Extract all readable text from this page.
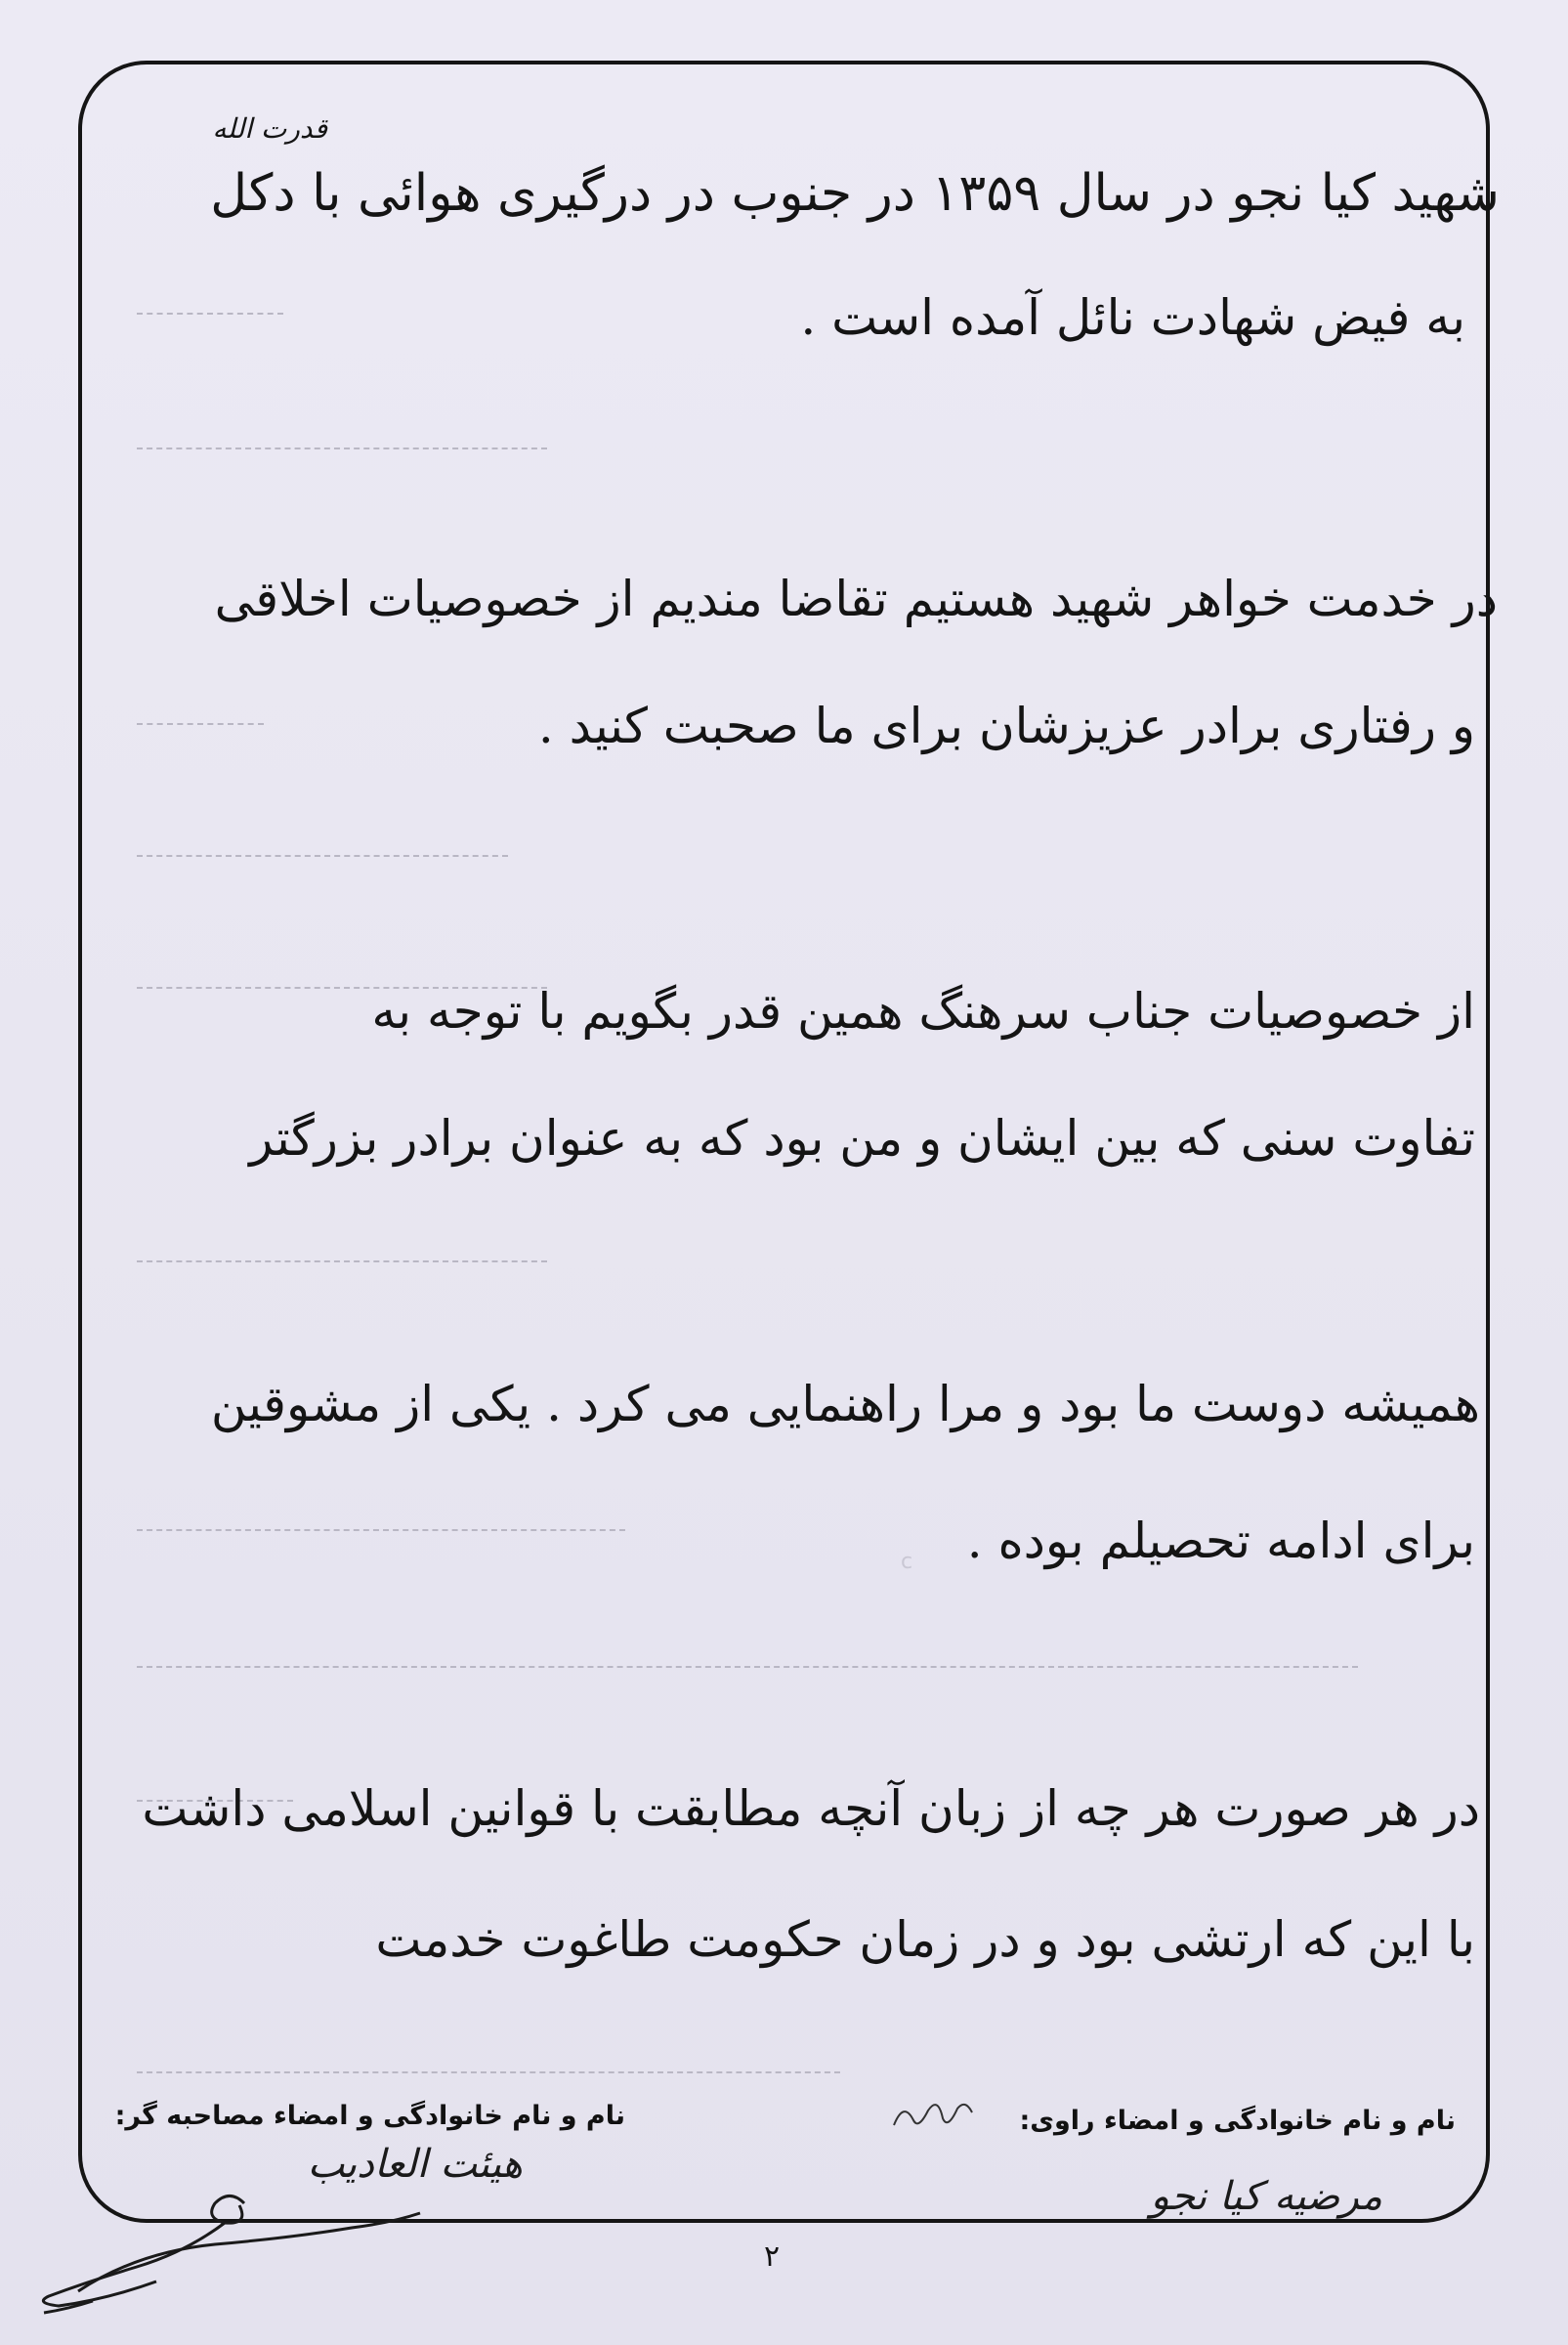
قدرت الله
شهید کیا نجو در سال ۱۳۵۹ در جنوب در درگیری هوائی با دکل
به فیض شهادت نائل آمده است .
در خدمت خواهر شهید هستیم تقاضا مندیم از خصوصیات اخلاقی
و رفتاری برادر عزیزشان برای ما صحبت کنید .
از خصوصیات جناب سرهنگ همین قدر بگویم با توجه به
تفاوت سنی که بین ایشان و من بود که به عنوان برادر بزرگتر
همیشه دوست ما بود و مرا راهنمایی می کرد . یکی از مشوقین
برای ادامه تحصیلم بوده .
در هر صورت هر چه از زبان آنچه مطابقت با قوانین اسلامی داشت
با این که ارتشی بود و در زمان حکومت طاغوت خدمت
c
نام و نام خانوادگی و امضاء مصاحبه گر:
هیئت العادیب
نام و نام خانوادگی و امضاء راوی:
مرضیه کیا نجو
۲
